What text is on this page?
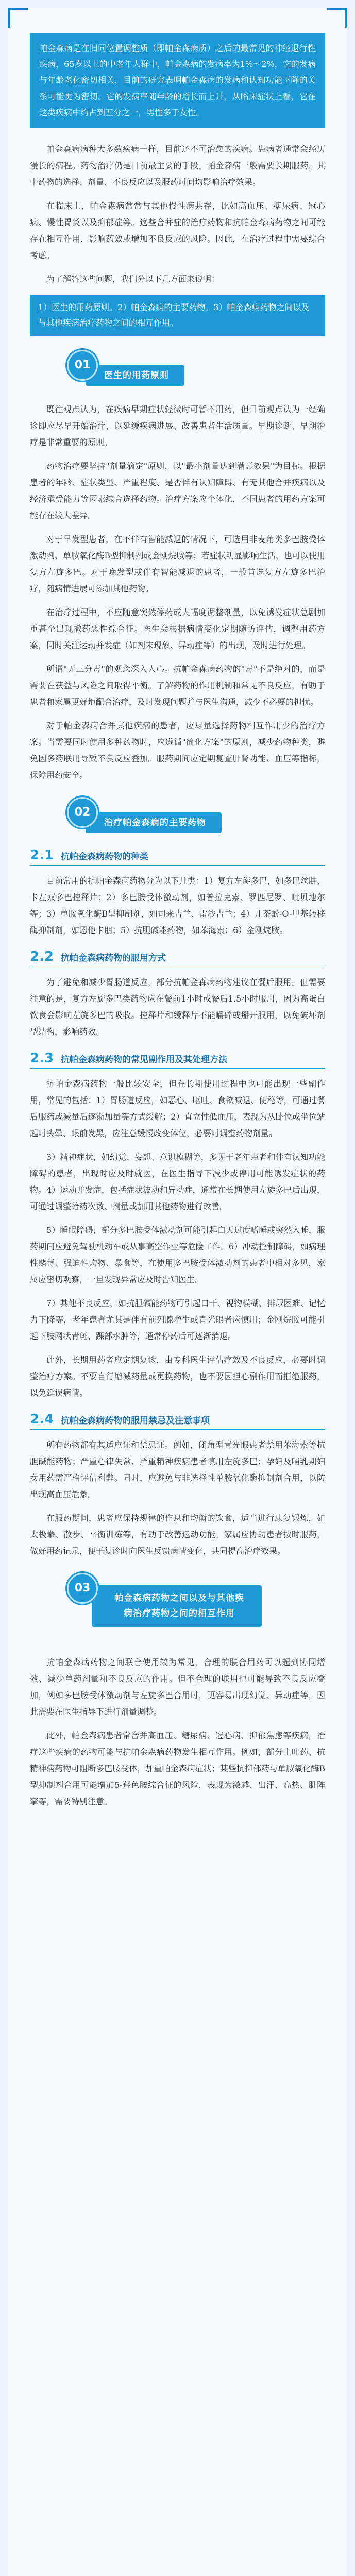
帕金森病是在旧同位置调整质（即帕金森病质）之后的最常见的神经退行性疾病，65岁以上的中老年人群中，帕金森病的发病率为1%～2%，它的发病与年龄老化密切相关，目前的研究表明帕金森病的发病和认知功能下降的关系可能更为密切。它的发病率随年龄的增长而上升，从临床症状上看，它在这类疾病中约占到五分之一，男性多于女性。

帕金森病病种大多数疾病一样，目前还不可治愈的疾病。患病者通常会经历漫长的病程。药物治疗仍是目前最主要的手段。帕金森病一般需要长期服药，其中药物的选择、剂量、不良反应以及服药时间均影响治疗效果。

在临床上，帕金森病常常与其他慢性病共存，比如高血压、糖尿病、冠心病、慢性胃炎以及抑郁症等。这些合并症的治疗药物和抗帕金森病药物之间可能存在相互作用，影响药效或增加不良反应的风险。因此，在治疗过程中需要综合考虑。

为了解答这些问题，我们分以下几方面来说明：

1）医生的用药原则。2）帕金森病的主要药物。3）帕金森病药物之间以及与其他疾病治疗药物之间的相互作用。
01
医生的用药原则

既往观点认为，在疾病早期症状轻微时可暂不用药，但目前观点认为一经确诊即应尽早开始治疗，以延缓疾病进展、改善患者生活质量。早期诊断、早期治疗是非常重要的原则。

药物治疗要坚持"剂量滴定"原则，以"最小剂量达到满意效果"为目标。根据患者的年龄、症状类型、严重程度、是否伴有认知障碍、有无其他合并疾病以及经济承受能力等因素综合选择药物。治疗方案应个体化，不同患者的用药方案可能存在较大差异。

对于早发型患者，在不伴有智能减退的情况下，可选用非麦角类多巴胺受体激动剂、单胺氧化酶B型抑制剂或金刚烷胺等；若症状明显影响生活，也可以使用复方左旋多巴。对于晚发型或伴有智能减退的患者，一般首选复方左旋多巴治疗，随病情进展可添加其他药物。

在治疗过程中，不应随意突然停药或大幅度调整剂量，以免诱发症状急剧加重甚至出现撤药恶性综合征。医生会根据病情变化定期随访评估，调整用药方案，同时关注运动并发症（如剂末现象、异动症等）的出现，及时进行处理。

所谓"无三分毒"的观念深入人心。抗帕金森病药物的"毒"不是绝对的，而是需要在获益与风险之间取得平衡。了解药物的作用机制和常见不良反应，有助于患者和家属更好地配合治疗，及时发现问题并与医生沟通，减少不必要的担忧。

对于帕金森病合并其他疾病的患者，应尽量选择药物相互作用少的治疗方案。当需要同时使用多种药物时，应遵循"简化方案"的原则，减少药物种类，避免因多药联用导致不良反应叠加。服药期间应定期复查肝肾功能、血压等指标，保障用药安全。

02
治疗帕金森病的主要药物
2.1 抗帕金森病药物的种类

目前常用的抗帕金森病药物分为以下几类：1）复方左旋多巴，如多巴丝肼、卡左双多巴控释片；2）多巴胺受体激动剂，如普拉克索、罗匹尼罗、吡贝地尔等；3）单胺氧化酶B型抑制剂，如司来吉兰、雷沙吉兰；4）儿茶酚-O-甲基转移酶抑制剂，如恩他卡朋；5）抗胆碱能药物，如苯海索；6）金刚烷胺。

2.2 抗帕金森病药物的服用方式

为了避免和减少胃肠道反应，部分抗帕金森病药物建议在餐后服用。但需要注意的是，复方左旋多巴类药物应在餐前1小时或餐后1.5小时服用，因为高蛋白饮食会影响左旋多巴的吸收。控释片和缓释片不能嚼碎或掰开服用，以免破坏剂型结构，影响药效。

2.3 抗帕金森病药物的常见副作用及其处理方法

抗帕金森病药物一般比较安全，但在长期使用过程中也可能出现一些副作用，常见的包括：1）胃肠道反应，如恶心、呕吐、食欲减退、便秘等，可通过餐后服药或减量后逐渐加量等方式缓解；2）直立性低血压，表现为从卧位或坐位站起时头晕、眼前发黑，应注意缓慢改变体位，必要时调整药物剂量。

3）精神症状，如幻觉、妄想、意识模糊等，多见于老年患者和伴有认知功能障碍的患者，出现时应及时就医，在医生指导下减少或停用可能诱发症状的药物。4）运动并发症，包括症状波动和异动症，通常在长期使用左旋多巴后出现，可通过调整给药次数、剂量或加用其他药物进行改善。

5）睡眠障碍，部分多巴胺受体激动剂可能引起白天过度嗜睡或突然入睡，服药期间应避免驾驶机动车或从事高空作业等危险工作。6）冲动控制障碍，如病理性赌博、强迫性购物、暴食等，在使用多巴胺受体激动剂的患者中相对多见，家属应密切观察，一旦发现异常应及时告知医生。

7）其他不良反应，如抗胆碱能药物可引起口干、视物模糊、排尿困难、记忆力下降等，老年患者尤其是伴有前列腺增生或青光眼者应慎用；金刚烷胺可能引起下肢网状青斑、踝部水肿等，通常停药后可逐渐消退。

此外，长期用药者应定期复诊，由专科医生评估疗效及不良反应，必要时调整治疗方案。不要自行增减药量或更换药物，也不要因担心副作用而拒绝服药，以免延误病情。

2.4 抗帕金森病药物的服用禁忌及注意事项

所有药物都有其适应证和禁忌证。例如，闭角型青光眼患者禁用苯海索等抗胆碱能药物；严重心律失常、严重精神疾病患者慎用左旋多巴；孕妇及哺乳期妇女用药需严格评估利弊。同时，应避免与非选择性单胺氧化酶抑制剂合用，以防出现高血压危象。

在服药期间，患者应保持规律的作息和均衡的饮食，适当进行康复锻炼，如太极拳、散步、平衡训练等，有助于改善运动功能。家属应协助患者按时服药，做好用药记录，便于复诊时向医生反馈病情变化，共同提高治疗效果。

03
帕金森病药物之间以及与其他疾病治疗药物之间的相互作用

抗帕金森病药物之间联合使用较为常见，合理的联合用药可以起到协同增效、减少单药剂量和不良反应的作用。但不合理的联用也可能导致不良反应叠加，例如多巴胺受体激动剂与左旋多巴合用时，更容易出现幻觉、异动症等，因此需要在医生指导下进行剂量调整。

此外，帕金森病患者常合并高血压、糖尿病、冠心病、抑郁焦虑等疾病，治疗这些疾病的药物可能与抗帕金森病药物发生相互作用。例如，部分止吐药、抗精神病药物可阻断多巴胺受体，加重帕金森病症状；某些抗抑郁药与单胺氧化酶B型抑制剂合用可能增加5-羟色胺综合征的风险，表现为激越、出汗、高热、肌阵挛等，需要特别注意。
